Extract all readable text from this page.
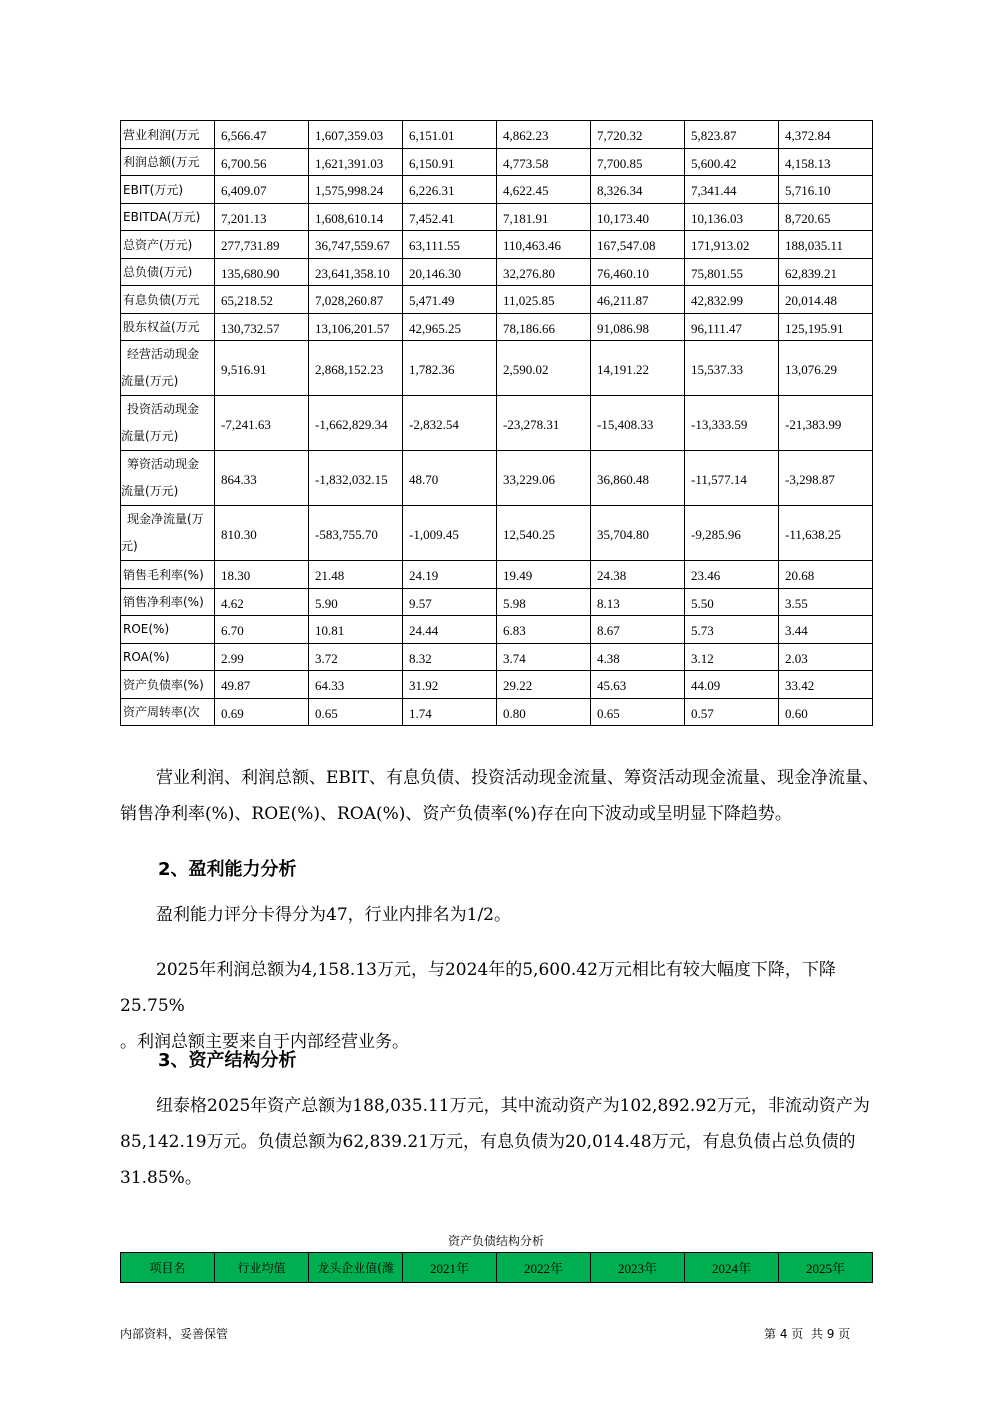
营业利润(万元	6,566.47	1,607,359.03	6,151.01	4,862.23	7,720.32	5,823.87	4,372.84
利润总额(万元	6,700.56	1,621,391.03	6,150.91	4,773.58	7,700.85	5,600.42	4,158.13
EBIT(万元)	6,409.07	1,575,998.24	6,226.31	4,622.45	8,326.34	7,341.44	5,716.10
EBITDA(万元)	7,201.13	1,608,610.14	7,452.41	7,181.91	10,173.40	10,136.03	8,720.65
总资产(万元)	277,731.89	36,747,559.67	63,111.55	110,463.46	167,547.08	171,913.02	188,035.11
总负债(万元)	135,680.90	23,641,358.10	20,146.30	32,276.80	76,460.10	75,801.55	62,839.21
有息负债(万元	65,218.52	7,028,260.87	5,471.49	11,025.85	46,211.87	42,832.99	20,014.48
股东权益(万元	130,732.57	13,106,201.57	42,965.25	78,186.66	91,086.98	96,111.47	125,195.91

经营活动现金
流量(万元)	9,516.91	2,868,152.23	1,782.36	2,590.02	14,191.22	15,537.33	13,076.29

投资活动现金
流量(万元)	-7,241.63	-1,662,829.34	-2,832.54	-23,278.31	-15,408.33	-13,333.59	-21,383.99

筹资活动现金
流量(万元)	864.33	-1,832,032.15	48.70	33,229.06	36,860.48	-11,577.14	-3,298.87

现金净流量(万
元)	810.30	-583,755.70	-1,009.45	12,540.25	35,704.80	-9,285.96	-11,638.25
销售毛利率(%)	18.30	21.48	24.19	19.49	24.38	23.46	20.68
销售净利率(%)	4.62	5.90	9.57	5.98	8.13	5.50	3.55
ROE(%)	6.70	10.81	24.44	6.83	8.67	5.73	3.44
ROA(%)	2.99	3.72	8.32	3.74	4.38	3.12	2.03
资产负债率(%)	49.87	64.33	31.92	29.22	45.63	44.09	33.42
资产周转率(次	0.69	0.65	1.74	0.80	0.65	0.57	0.60
营业利润、利润总额、EBIT、有息负债、投资活动现金流量、筹资活动现金流量、现金净流量、销售净利率(%)、ROE(%)、ROA(%)、资产负债率(%)存在向下波动或呈明显下降趋势。
2、盈利能力分析
盈利能力评分卡得分为47，行业内排名为1/2。
2025年利润总额为4,158.13万元，与2024年的5,600.42万元相比有较大幅度下降，下降25.75%
。利润总额主要来自于内部经营业务。
3、资产结构分析
纽泰格2025年资产总额为188,035.11万元，其中流动资产为102,892.92万元，非流动资产为85,142.19万元。负债总额为62,839.21万元，有息负债为20,014.48万元，有息负债占总负债的31.85%。
资产负债结构分析
项目名	行业均值	龙头企业值(潍	2021年	2022年	2023年	2024年	2025年
内部资料，妥善保管	第 4 页  共 9 页
